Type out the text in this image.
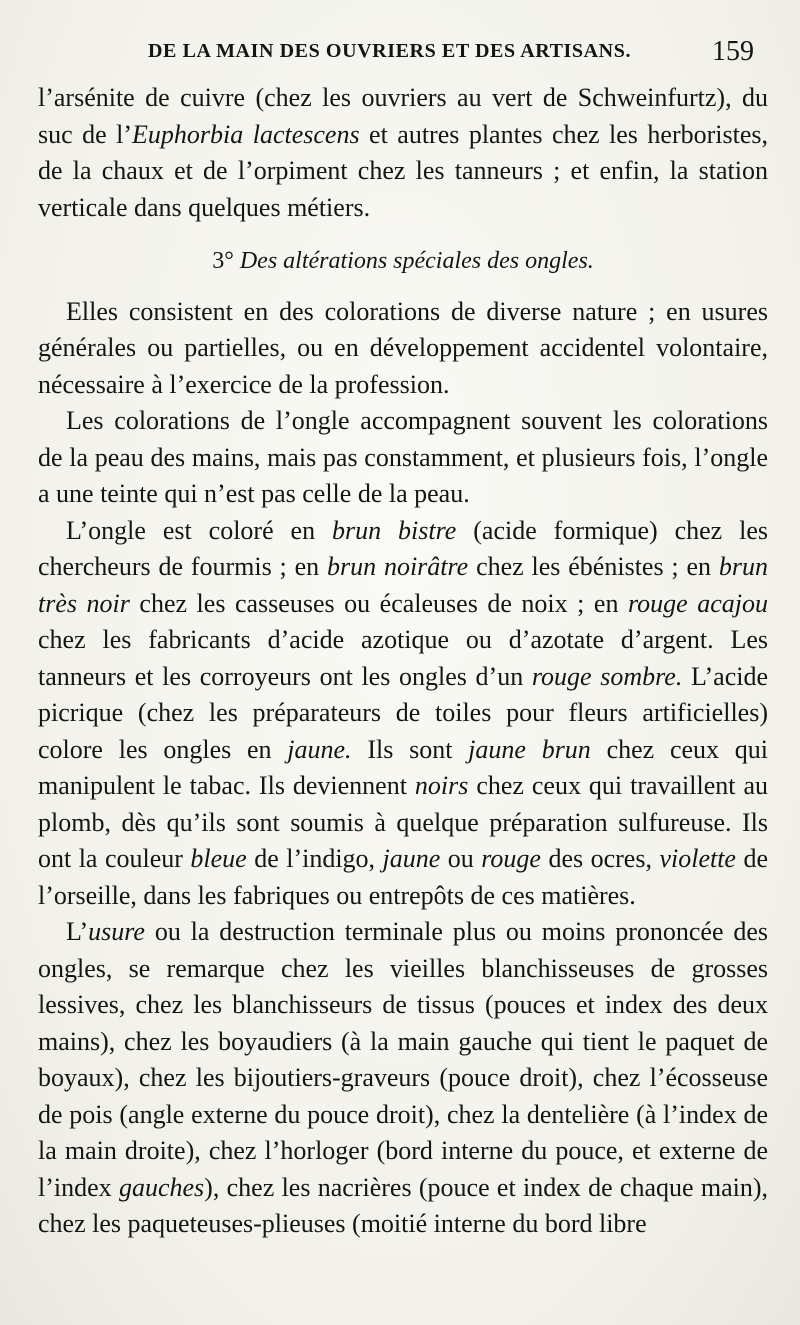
DE LA MAIN DES OUVRIERS ET DES ARTISANS.	159

l’arsénite de cuivre (chez les ouvriers au vert de Schweinfurtz), du suc de l’Euphorbia lactescens et autres plantes chez les herboristes, de la chaux et de l’orpiment chez les tanneurs ; et enfin, la station verticale dans quelques métiers.

3° Des altérations spéciales des ongles.

Elles consistent en des colorations de diverse nature ; en usures générales ou partielles, ou en développement accidentel volontaire, nécessaire à l’exercice de la profession.

Les colorations de l’ongle accompagnent souvent les colorations de la peau des mains, mais pas constamment, et plusieurs fois, l’ongle a une teinte qui n’est pas celle de la peau.

L’ongle est coloré en brun bistre (acide formique) chez les chercheurs de fourmis ; en brun noirâtre chez les ébénistes ; en brun très noir chez les casseuses ou écaleuses de noix ; en rouge acajou chez les fabricants d’acide azotique ou d’azotate d’argent. Les tanneurs et les corroyeurs ont les ongles d’un rouge sombre. L’acide picrique (chez les préparateurs de toiles pour fleurs artificielles) colore les ongles en jaune. Ils sont jaune brun chez ceux qui manipulent le tabac. Ils deviennent noirs chez ceux qui travaillent au plomb, dès qu’ils sont soumis à quelque préparation sulfureuse. Ils ont la couleur bleue de l’indigo, jaune ou rouge des ocres, violette de l’orseille, dans les fabriques ou entrepôts de ces matières.

L’usure ou la destruction terminale plus ou moins prononcée des ongles, se remarque chez les vieilles blanchisseuses de grosses lessives, chez les blanchisseurs de tissus (pouces et index des deux mains), chez les boyaudiers (à la main gauche qui tient le paquet de boyaux), chez les bijoutiers-graveurs (pouce droit), chez l’écosseuse de pois (angle externe du pouce droit), chez la dentelière (à l’index de la main droite), chez l’horloger (bord interne du pouce, et externe de l’index gauches), chez les nacrières (pouce et index de chaque main), chez les paqueteuses-plieuses (moitié interne du bord libre
